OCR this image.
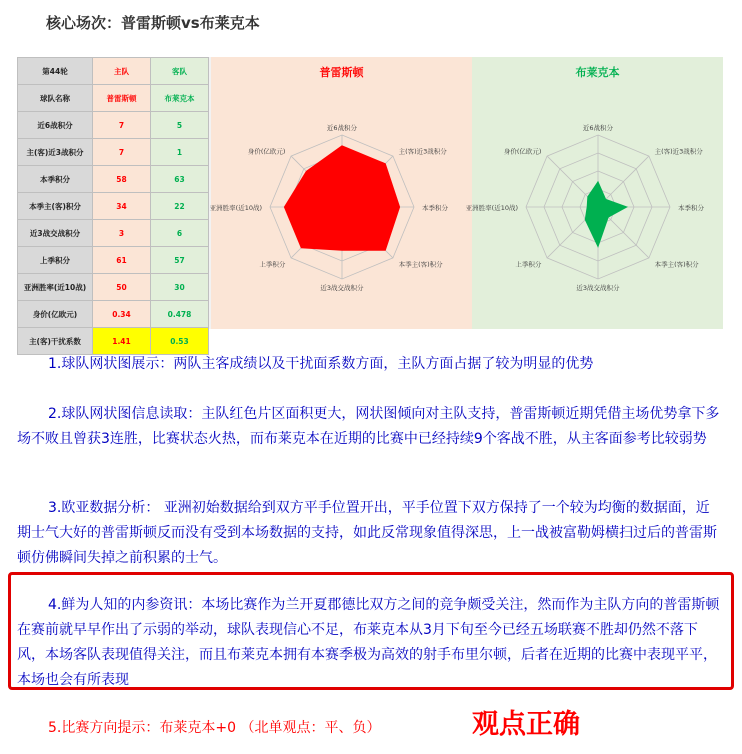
核心场次：普雷斯顿vs布莱克本
第44轮	主队	客队
球队名称	普雷斯顿	布莱克本
近6战积分	7	5
主(客)近3战积分	7	1
本季积分	58	63
本季主(客)积分	34	22
近3战交战积分	3	6
上季积分	61	57
亚洲胜率(近10战)	50	30
身价(亿欧元)	0.34	0.478
主(客)干扰系数	1.41	0.53
普雷斯顿
近6战积分
主(客)近3战积分
本季积分
本季主(客)积分
近3战交战积分
上季积分
亚洲胜率(近10战)
身价(亿欧元)
布莱克本
近6战积分
主(客)近3战积分
本季积分
本季主(客)积分
近3战交战积分
上季积分
亚洲胜率(近10战)
身价(亿欧元)
1.球队网状图展示：两队主客成绩以及干扰面系数方面，主队方面占据了较为明显的优势
2.球队网状图信息读取：主队红色片区面积更大，网状图倾向对主队支持，普雷斯顿近期凭借主场优势拿下多场不败且曾获3连胜，比赛状态火热，而布莱克本在近期的比赛中已经持续9个客战不胜，从主客面参考比较弱势
3.欧亚数据分析： 亚洲初始数据给到双方平手位置开出，平手位置下双方保持了一个较为均衡的数据面，近期士气大好的普雷斯顿反而没有受到本场数据的支持，如此反常现象值得深思，上一战被富勒姆横扫过后的普雷斯顿仿佛瞬间失掉之前积累的士气。
4.鲜为人知的内参资讯：本场比赛作为兰开夏郡德比双方之间的竞争颇受关注，然而作为主队方向的普雷斯顿在赛前就早早作出了示弱的举动，球队表现信心不足，布莱克本从3月下旬至今已经五场联赛不胜却仍然不落下风，本场客队表现值得关注，而且布莱克本拥有本赛季极为高效的射手布里尔顿，后者在近期的比赛中表现平平，本场也会有所表现
5.比赛方向提示：布莱克本+0 （北单观点：平、负）	观点正确
